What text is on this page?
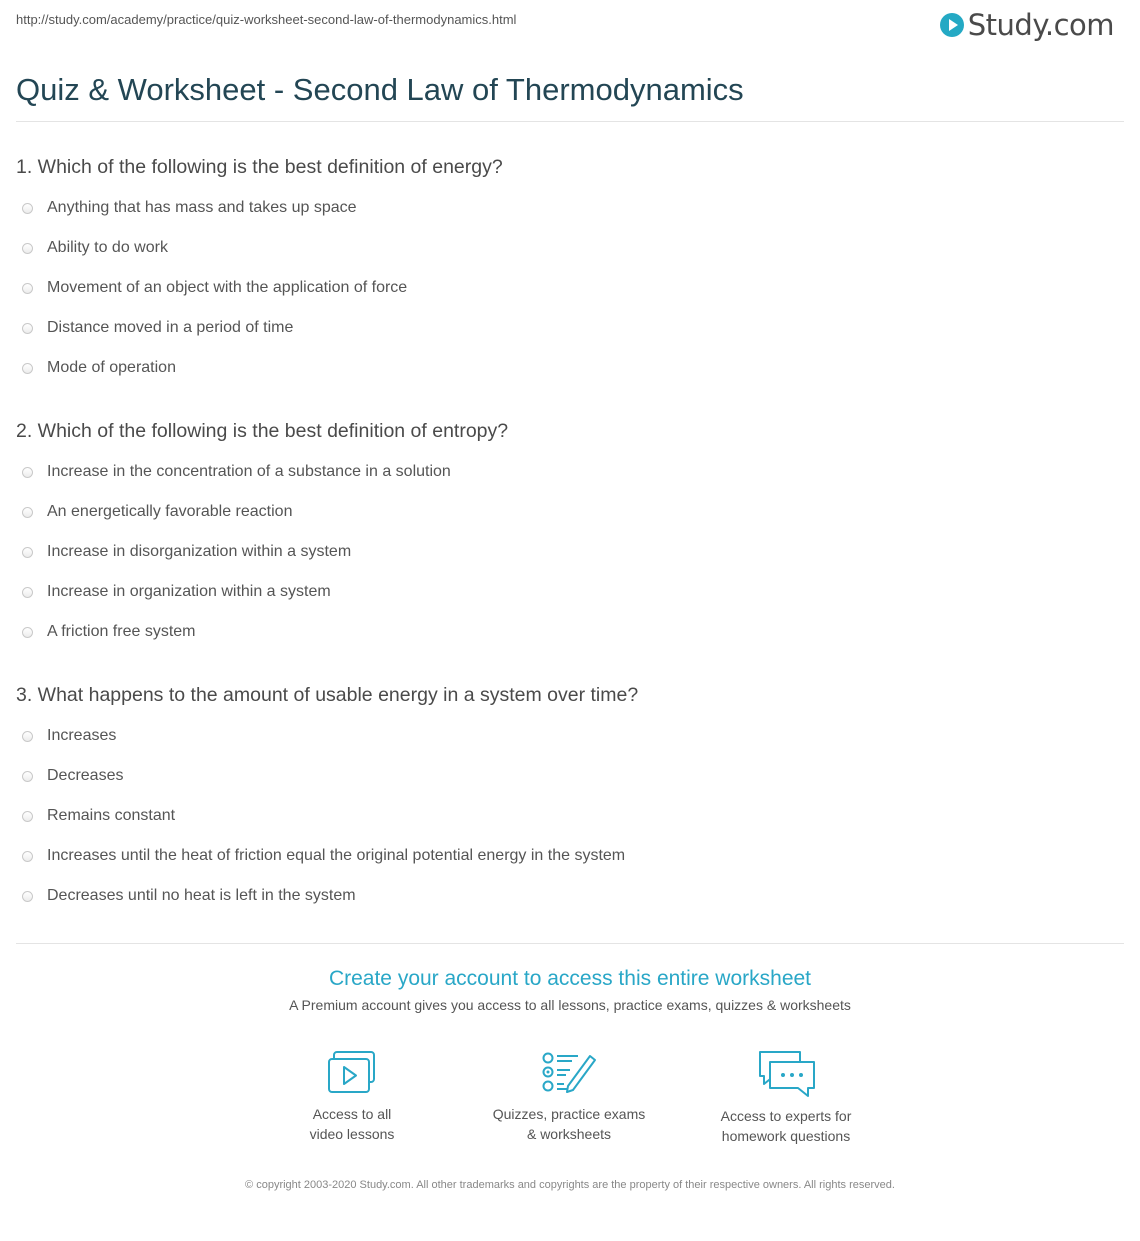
http://study.com/academy/practice/quiz-worksheet-second-law-of-thermodynamics.html	Study.com
Quiz & Worksheet - Second Law of Thermodynamics
1. Which of the following is the best definition of energy?
Anything that has mass and takes up space
Ability to do work
Movement of an object with the application of force
Distance moved in a period of time
Mode of operation
2. Which of the following is the best definition of entropy?
Increase in the concentration of a substance in a solution
An energetically favorable reaction
Increase in disorganization within a system
Increase in organization within a system
A friction free system
3. What happens to the amount of usable energy in a system over time?
Increases
Decreases
Remains constant
Increases until the heat of friction equal the original potential energy in the system
Decreases until no heat is left in the system
Create your account to access this entire worksheet
A Premium account gives you access to all lessons, practice exams, quizzes & worksheets
Access to all
video lessons
Quizzes, practice exams
& worksheets
Access to experts for
homework questions
© copyright 2003-2020 Study.com. All other trademarks and copyrights are the property of their respective owners. All rights reserved.
